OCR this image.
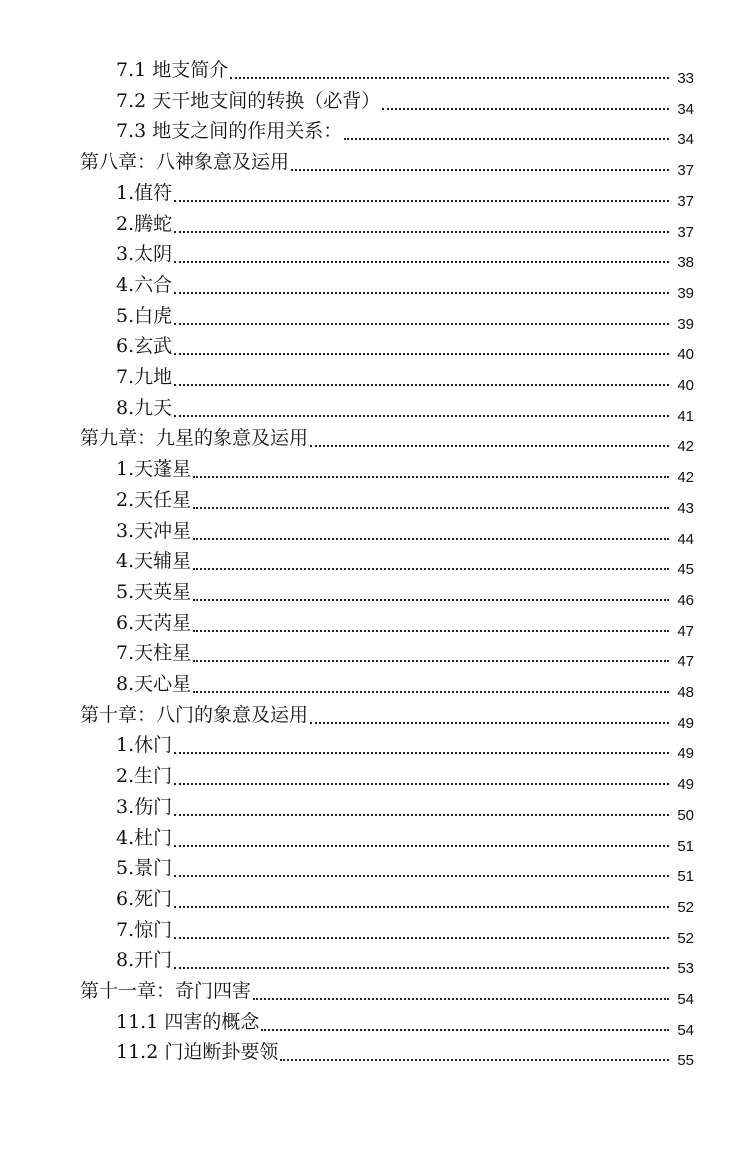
7.1 地支简介	33
7.2 天干地支间的转换（必背）	34
7.3 地支之间的作用关系：	34
第八章：八神象意及运用	37
1.值符	37
2.腾蛇	37
3.太阴	38
4.六合	39
5.白虎	39
6.玄武	40
7.九地	40
8.九天	41
第九章：九星的象意及运用	42
1.天蓬星	42
2.天任星	43
3.天冲星	44
4.天辅星	45
5.天英星	46
6.天芮星	47
7.天柱星	47
8.天心星	48
第十章：八门的象意及运用	49
1.休门	49
2.生门	49
3.伤门	50
4.杜门	51
5.景门	51
6.死门	52
7.惊门	52
8.开门	53
第十一章：奇门四害	54
11.1 四害的概念	54
11.2 门迫断卦要领	55
